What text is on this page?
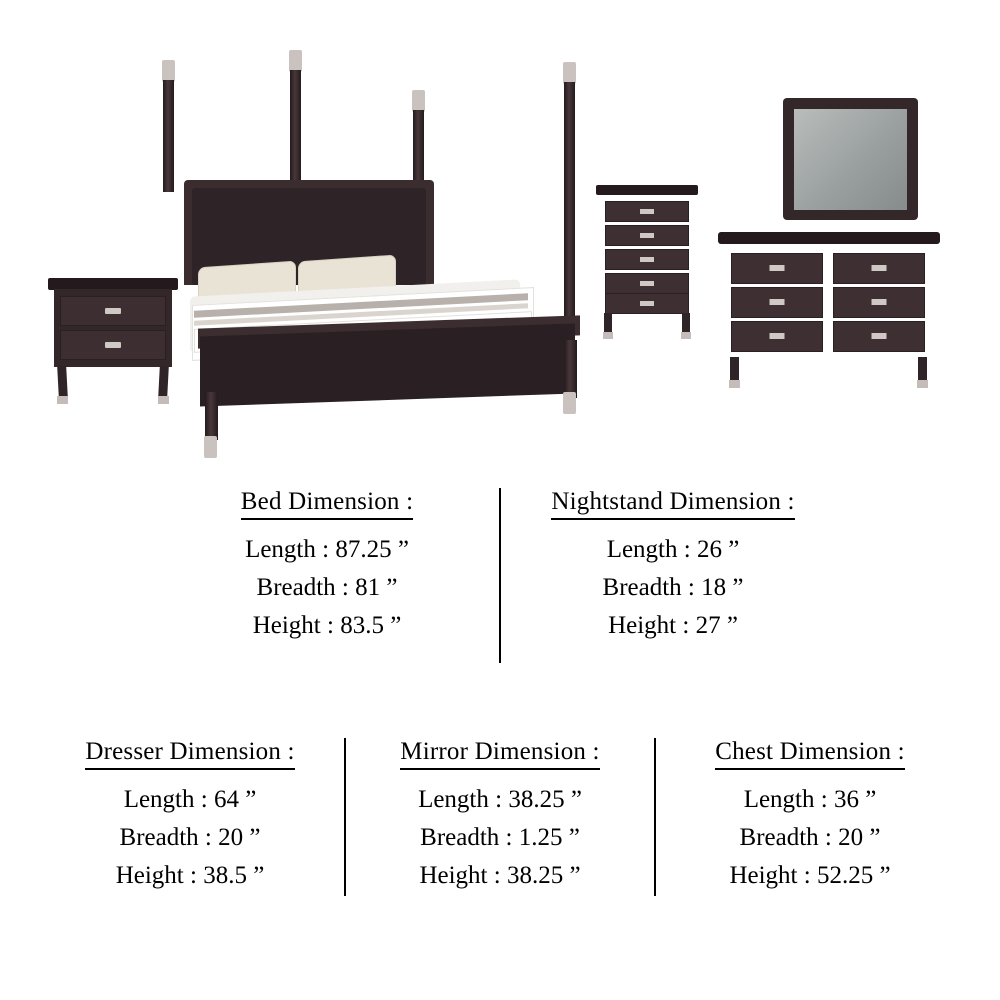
Bed Dimension :
Length : 87.25 ”
Breadth : 81 ”
Height : 83.5 ”
Nightstand Dimension :
Length : 26 ”
Breadth : 18 ”
Height : 27 ”
Dresser Dimension :
Length : 64 ”
Breadth : 20 ”
Height : 38.5 ”
Mirror Dimension :
Length : 38.25 ”
Breadth : 1.25 ”
Height : 38.25 ”
Chest Dimension :
Length : 36 ”
Breadth : 20 ”
Height : 52.25 ”
